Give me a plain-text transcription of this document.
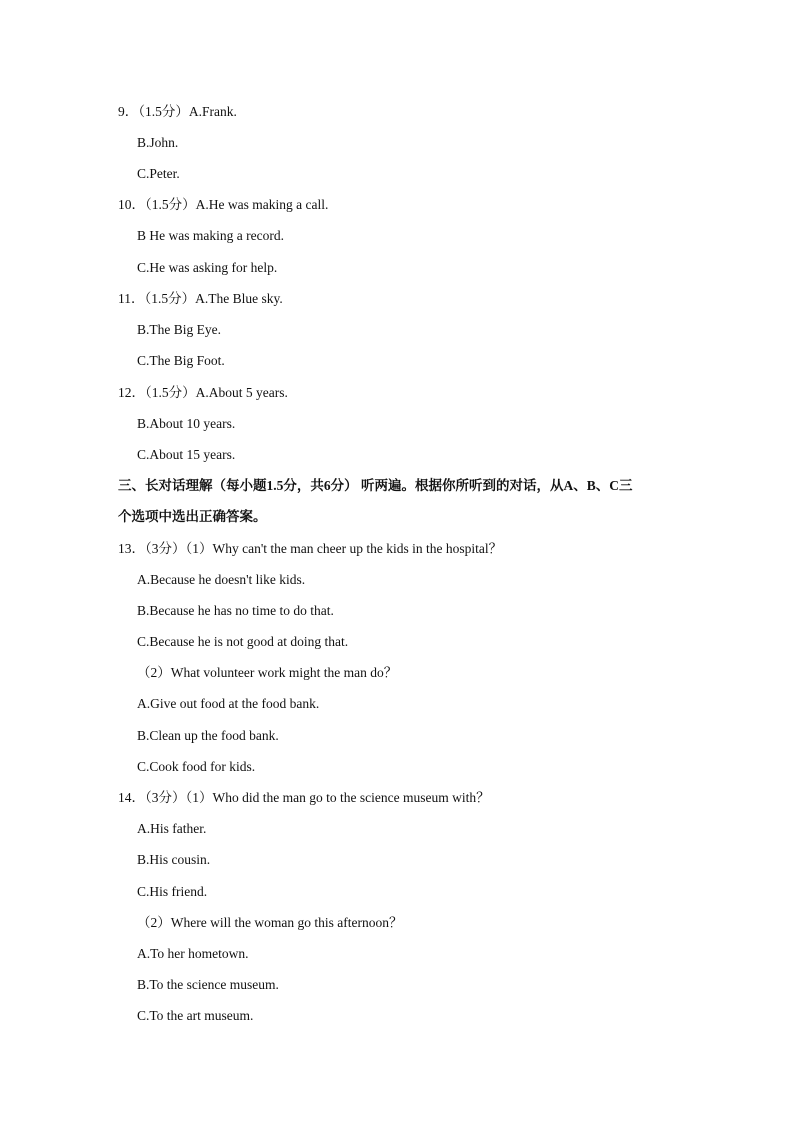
9．（1.5分）A.Frank.
B.John.
C.Peter.
10．（1.5分）A.He was making a call.
B He was making a record.
C.He was asking for help.
11．（1.5分）A.The Blue sky.
B.The Big Eye.
C.The Big Foot.
12．（1.5分）A.About 5 years.
B.About 10 years.
C.About 15 years.
三、长对话理解（每小题1.5分，共6分） 听两遍。根据你所听到的对话，从A、B、C三
个选项中选出正确答案。
13．（3分）（1）Why can't the man cheer up the kids in the hospital？
A.Because he doesn't like kids.
B.Because he has no time to do that.
C.Because he is not good at doing that.
（2）What volunteer work might the man do？
A.Give out food at the food bank.
B.Clean up the food bank.
C.Cook food for kids.
14．（3分）（1）Who did the man go to the science museum with？
A.His father.
B.His cousin.
C.His friend.
（2）Where will the woman go this afternoon？
A.To her hometown.
B.To the science museum.
C.To the art museum.
